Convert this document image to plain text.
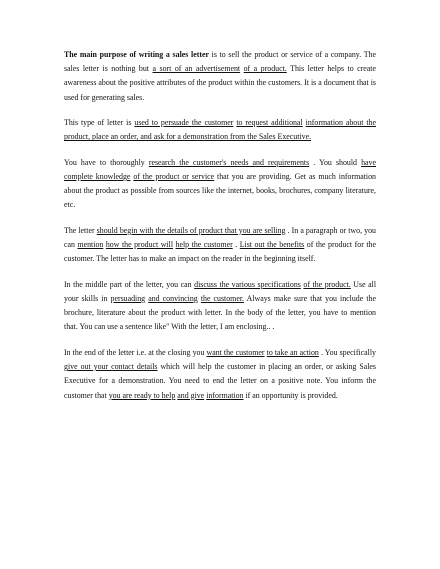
The main purpose of writing a sales letter is to sell the product or service of a company. The sales letter is nothing but a sort of an advertisement of a product. This letter helps to create awareness about the positive attributes of the product within the customers. It is a document that is used for generating sales.

This type of letter is used to persuade the customer to request additional information about the product, place an order, and ask for a demonstration from the Sales Executive.

You have to thoroughly research the customer's needs and requirements . You should have complete knowledge of the product or service that you are providing. Get as much information about the product as possible from sources like the internet, books, brochures, company literature, etc.

The letter should begin with the details of product that you are selling . In a paragraph or two, you can mention how the product will help the customer . List out the benefits of the product for the customer. The letter has to make an impact on the reader in the beginning itself.

In the middle part of the letter, you can discuss the various specifications of the product. Use all your skills in persuading and convincing the customer. Always make sure that you include the brochure, literature about the product with letter. In the body of the letter, you have to mention that. You can use a sentence like" With the letter, I am enclosing.. .

In the end of the letter i.e. at the closing you want the customer to take an action . You specifically give out your contact details which will help the customer in placing an order, or asking Sales Executive for a demonstration. You need to end the letter on a positive note. You inform the customer that you are ready to help and give information if an opportunity is provided.
